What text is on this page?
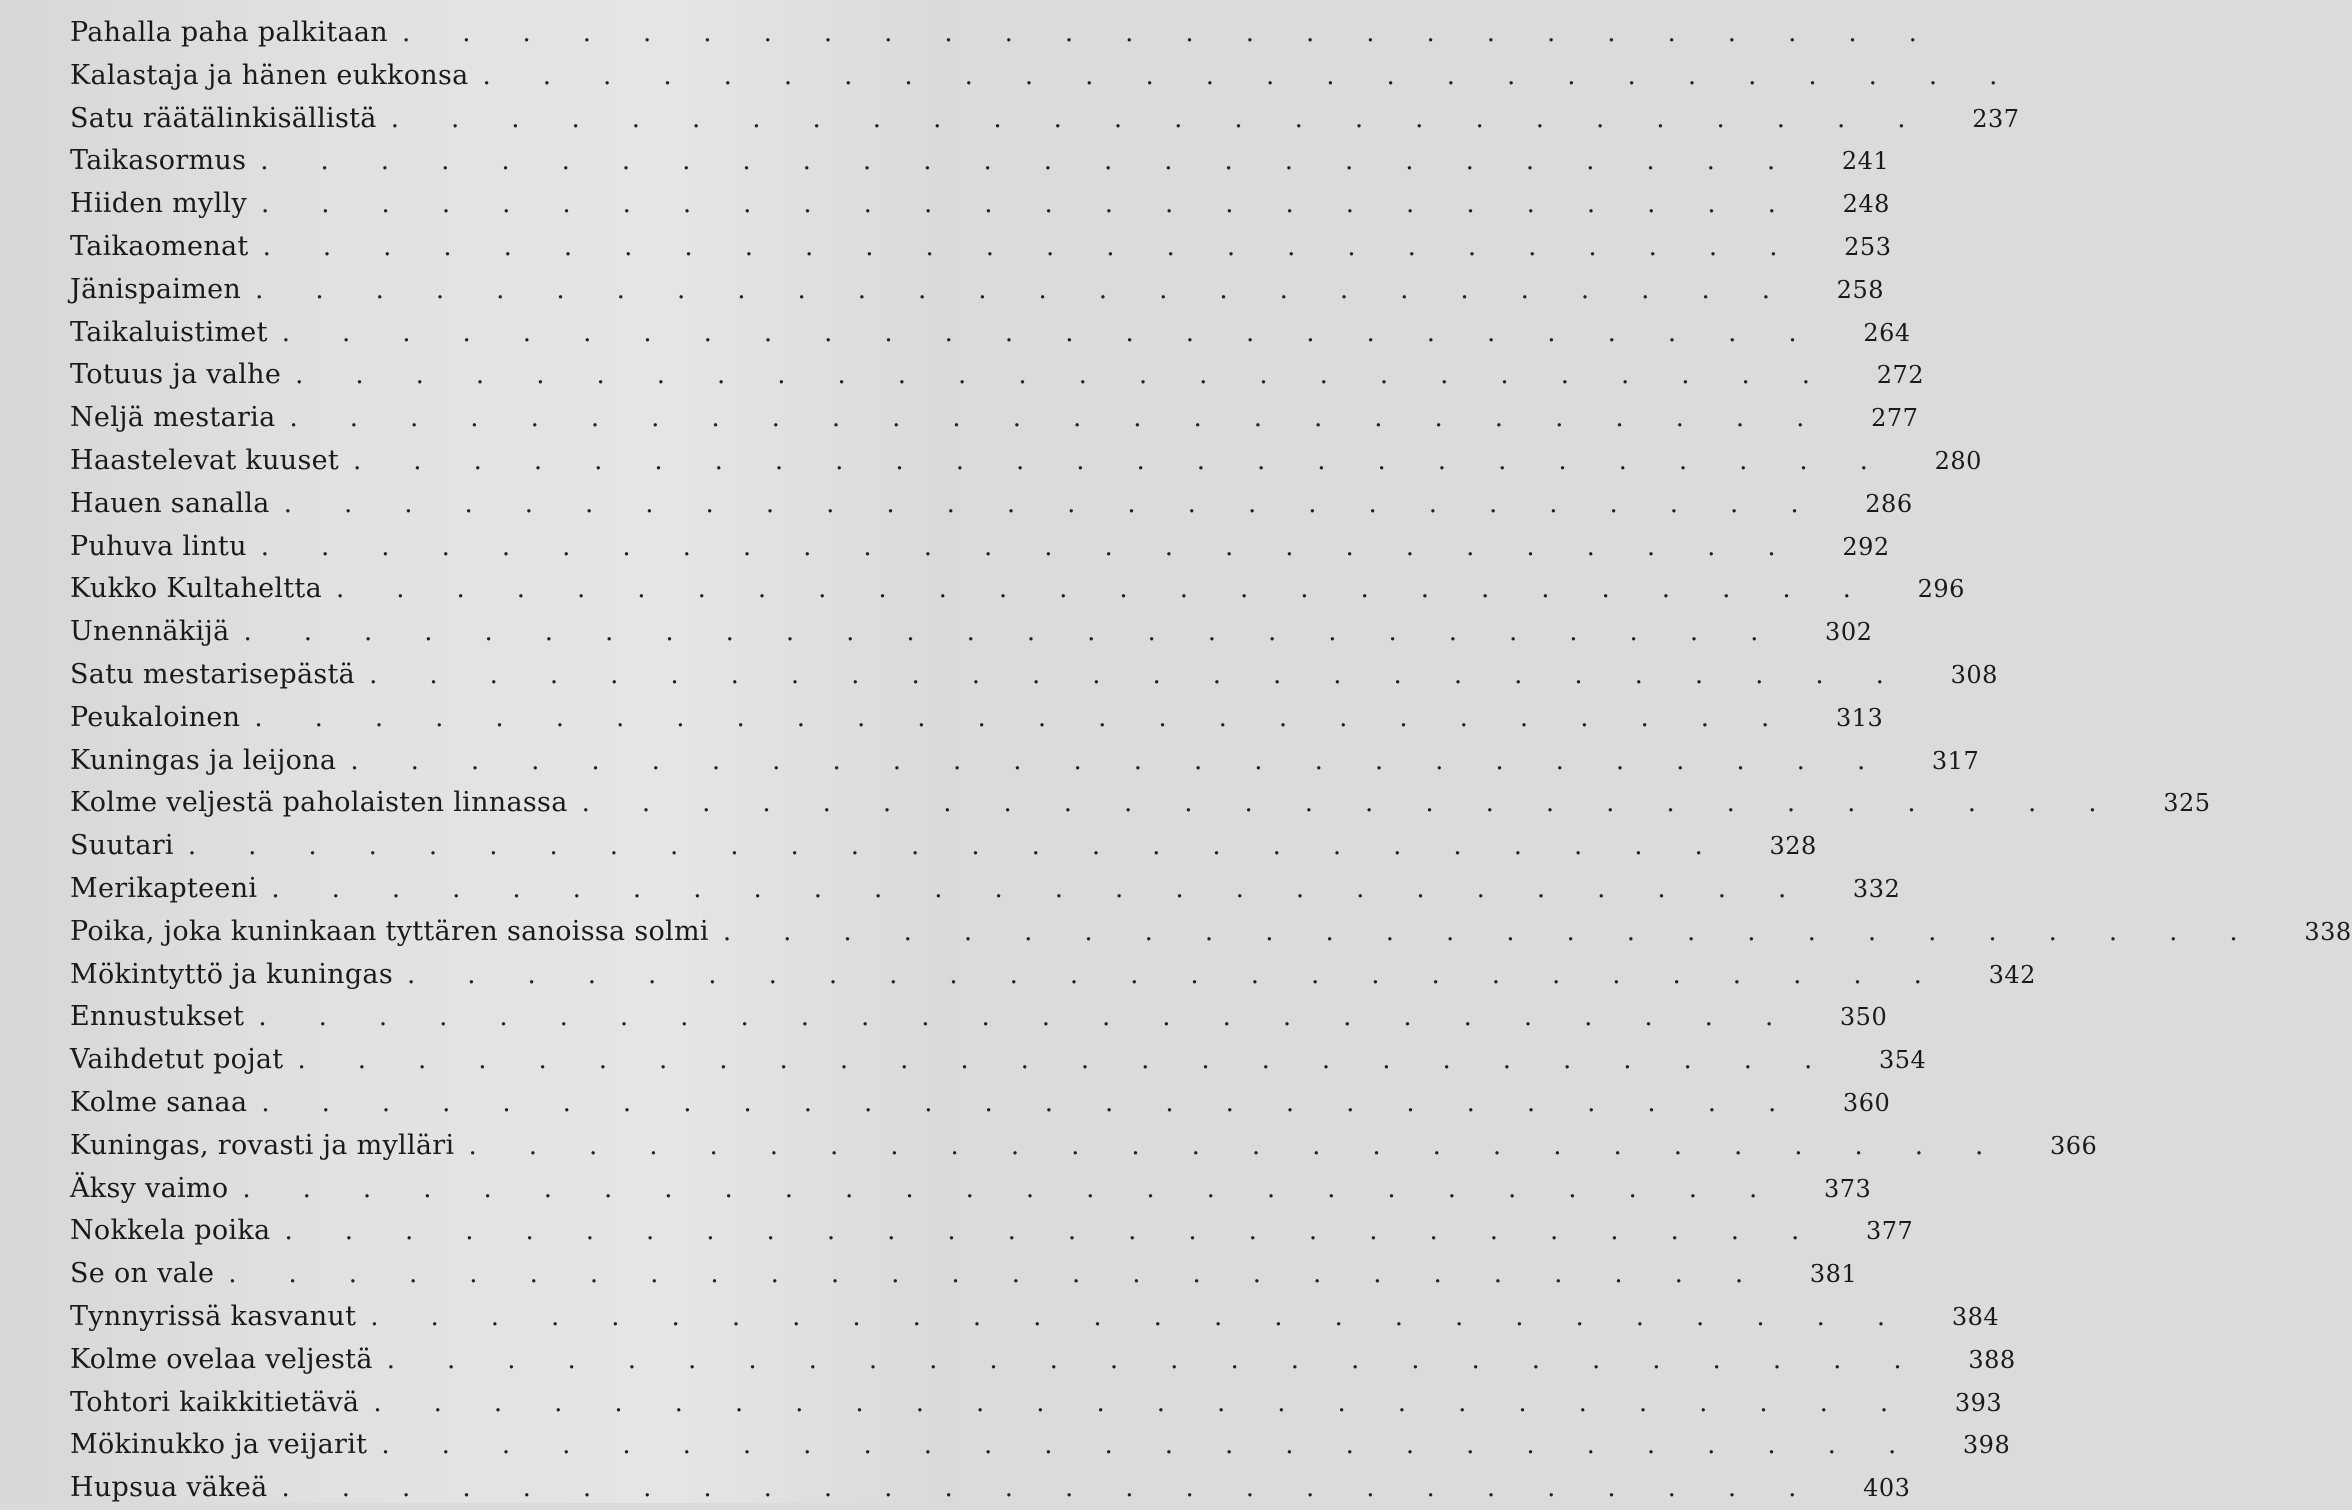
Pahalla paha palkitaan ..........................
Kalastaja ja hänen eukkonsa ..........................
Satu räätälinkisällistä .......................... 237
Taikasormus .......................... 241
Hiiden mylly .......................... 248
Taikaomenat .......................... 253
Jänispaimen .......................... 258
Taikaluistimet .......................... 264
Totuus ja valhe .......................... 272
Neljä mestaria .......................... 277
Haastelevat kuuset .......................... 280
Hauen sanalla .......................... 286
Puhuva lintu .......................... 292
Kukko Kultaheltta .......................... 296
Unennäkijä .......................... 302
Satu mestarisepästä .......................... 308
Peukaloinen .......................... 313
Kuningas ja leijona .......................... 317
Kolme veljestä paholaisten linnassa .......................... 325
Suutari .......................... 328
Merikapteeni .......................... 332
Poika, joka kuninkaan tyttären sanoissa solmi .......................... 338
Mökintyttö ja kuningas .......................... 342
Ennustukset .......................... 350
Vaihdetut pojat .......................... 354
Kolme sanaa .......................... 360
Kuningas, rovasti ja mylläri .......................... 366
Äksy vaimo .......................... 373
Nokkela poika .......................... 377
Se on vale .......................... 381
Tynnyrissä kasvanut .......................... 384
Kolme ovelaa veljestä .......................... 388
Tohtori kaikkitietävä .......................... 393
Mökinukko ja veijarit .......................... 398
Hupsua väkeä .......................... 403
